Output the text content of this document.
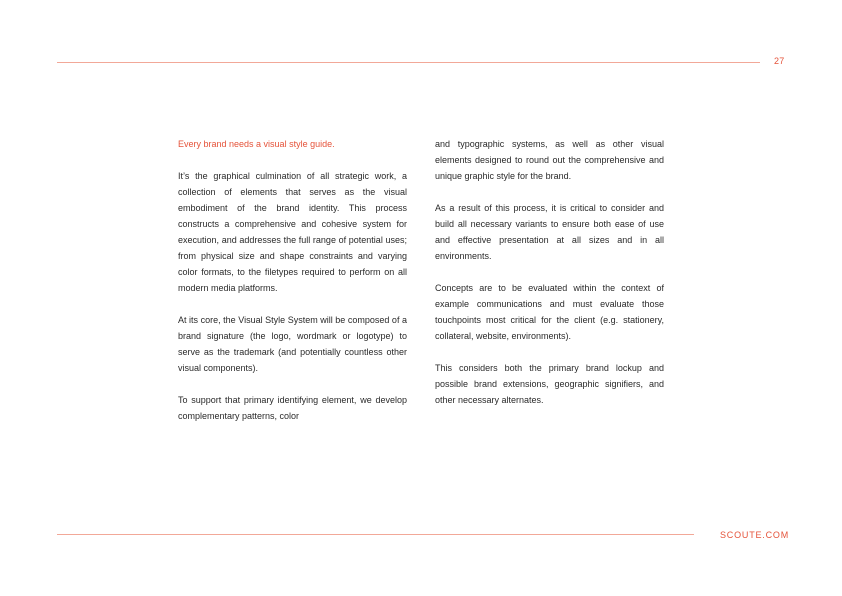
27

Every brand needs a visual style guide.

It’s the graphical culmination of all strategic work, a collection of elements that serves as the visual embodiment of the brand identity. This process constructs a comprehensive and cohesive system for execution, and addresses the full range of potential uses; from physical size and shape constraints and varying color formats, to the filetypes required to perform on all modern media platforms.

At its core, the Visual Style System will be composed of a brand signature (the logo, wordmark or logotype) to serve as the trademark (and potentially countless other visual components).

To support that primary identifying element, we develop complementary patterns, color

and typographic systems, as well as other visual elements designed to round out the comprehensive and unique graphic style for the brand.

As a result of this process, it is critical to consider and build all necessary variants to ensure both ease of use and effective presentation at all sizes and in all environments.

Concepts are to be evaluated within the context of example communications and must evaluate those touchpoints most critical for the client (e.g. stationery, collateral, website, environments).

This considers both the primary brand lockup and possible brand extensions, geographic signifiers, and other necessary alternates.

SCOUTE.COM
